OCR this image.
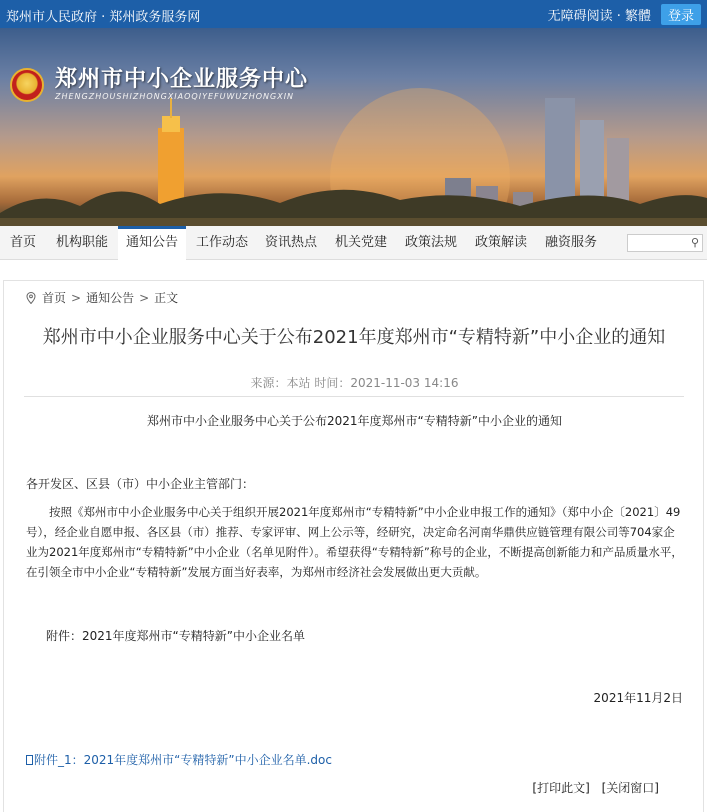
郑州市人民政府 · 郑州政务服务网	无障碍阅读 · 繁體	登录
郑州市中小企业服务中心
ZHENGZHOUSHIZHONGXIAOQIYEFUWUZHONGXIN
首页	机构职能	通知公告	工作动态	资讯热点	机关党建	政策法规	政策解读	融资服务	⚲
首页 > 通知公告 > 正文
郑州市中小企业服务中心关于公布2021年度郑州市“专精特新”中小企业的通知
来源：本站 时间：2021-11-03 14:16
郑州市中小企业服务中心关于公布2021年度郑州市“专精特新”中小企业的通知
各开发区、区县（市）中小企业主管部门：
按照《郑州市中小企业服务中心关于组织开展2021年度郑州市“专精特新”中小企业申报工作的通知》（郑中小企〔2021〕49号），经企业自愿申报、各区县（市）推荐、专家评审、网上公示等，经研究，决定命名河南华鼎供应链管理有限公司等704家企业为2021年度郑州市“专精特新”中小企业（名单见附件）。希望获得“专精特新”称号的企业，不断提高创新能力和产品质量水平，在引领全市中小企业“专精特新”发展方面当好表率，为郑州市经济社会发展做出更大贡献。
附件：2021年度郑州市“专精特新”中小企业名单
2021年11月2日
附件_1：2021年度郑州市“专精特新”中小企业名单.doc
[打印此文] [关闭窗口]
